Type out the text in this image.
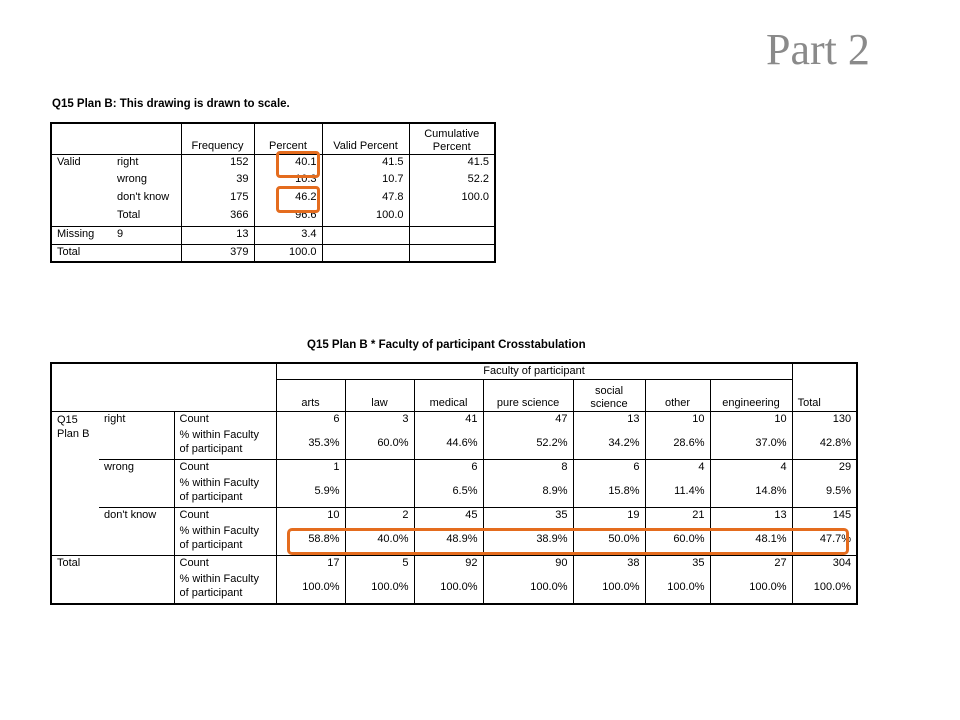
Part 2
Q15 Plan B: This drawing is drawn to scale.
		Frequency	Percent	Valid Percent	Cumulative Percent
Valid	right	152	40.1	41.5	41.5
	wrong	39	10.3	10.7	52.2
	don't know	175	46.2	47.8	100.0
	Total	366	96.6	100.0	
Missing	9	13	3.4		
Total		379	100.0		
Q15 Plan B * Faculty of participant Crosstabulation
			Faculty of participant							Total
			arts	law	medical	pure science	social science	other	engineering	
Q15 Plan B	right	Count	6	3	41	47	13	10	10	130
		% within Faculty of participant	35.3%	60.0%	44.6%	52.2%	34.2%	28.6%	37.0%	42.8%
	wrong	Count	1		6	8	6	4	4	29
		% within Faculty of participant	5.9%		6.5%	8.9%	15.8%	11.4%	14.8%	9.5%
	don't know	Count	10	2	45	35	19	21	13	145
		% within Faculty of participant	58.8%	40.0%	48.9%	38.9%	50.0%	60.0%	48.1%	47.7%
Total		Count	17	5	92	90	38	35	27	304
		% within Faculty of participant	100.0%	100.0%	100.0%	100.0%	100.0%	100.0%	100.0%	100.0%
